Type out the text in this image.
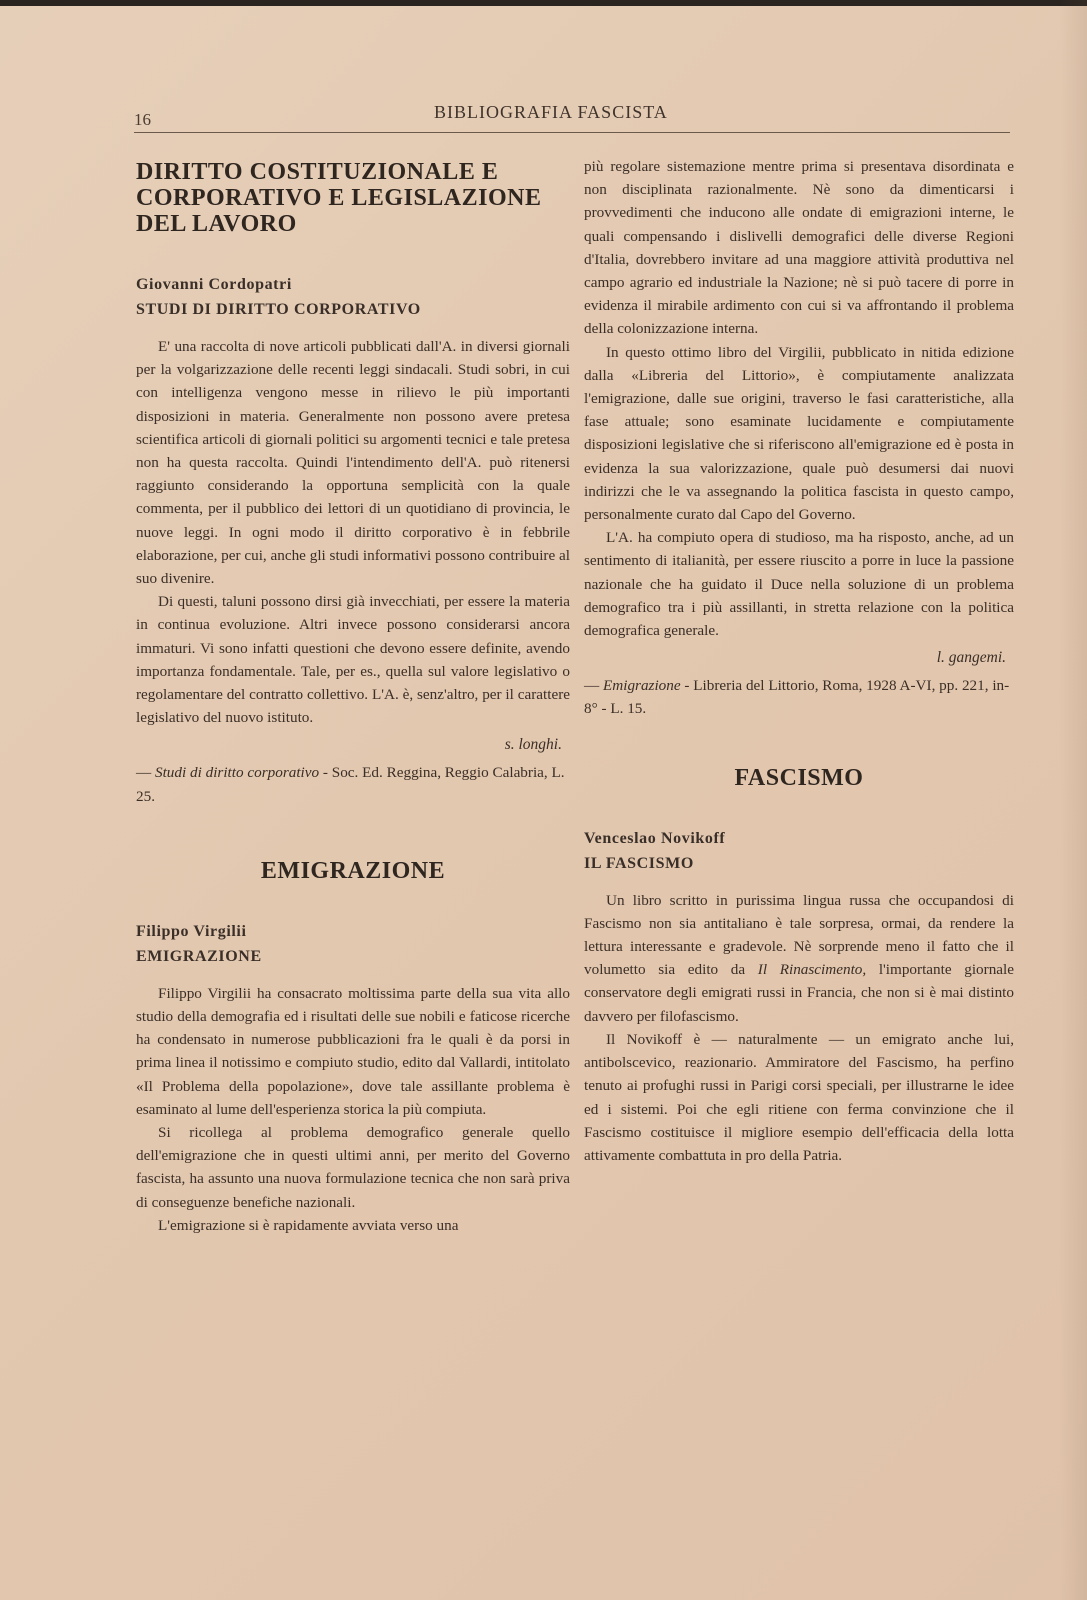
16	BIBLIOGRAFIA FASCISTA
DIRITTO COSTITUZIONALE E CORPORATIVO E LEGISLAZIONE DEL LAVORO

Giovanni Cordopatri

STUDI DI DIRITTO CORPORATIVO

E' una raccolta di nove articoli pubblicati dall'A. in diversi giornali per la volgarizzazione delle recenti leggi sindacali. Studi sobri, in cui con intelligenza vengono messe in rilievo le più importanti disposizioni in materia. Generalmente non possono avere pretesa scientifica articoli di giornali politici su argomenti tecnici e tale pretesa non ha questa raccolta. Quindi l'intendimento dell'A. può ritenersi raggiunto considerando la opportuna semplicità con la quale commenta, per il pubblico dei lettori di un quotidiano di provincia, le nuove leggi. In ogni modo il diritto corporativo è in febbrile elaborazione, per cui, anche gli studi informativi possono contribuire al suo divenire.

Di questi, taluni possono dirsi già invecchiati, per essere la materia in continua evoluzione. Altri invece possono considerarsi ancora immaturi. Vi sono infatti questioni che devono essere definite, avendo importanza fondamentale. Tale, per es., quella sul valore legislativo o regolamentare del contratto collettivo. L'A. è, senz'altro, per il carattere legislativo del nuovo istituto.

s. longhi.

— Studi di diritto corporativo - Soc. Ed. Reggina, Reggio Calabria, L. 25.

EMIGRAZIONE

Filippo Virgilii

EMIGRAZIONE

Filippo Virgilii ha consacrato moltissima parte della sua vita allo studio della demografia ed i risultati delle sue nobili e faticose ricerche ha condensato in numerose pubblicazioni fra le quali è da porsi in prima linea il notissimo e compiuto studio, edito dal Vallardi, intitolato «Il Problema della popolazione», dove tale assillante problema è esaminato al lume dell'esperienza storica la più compiuta.

Si ricollega al problema demografico generale quello dell'emigrazione che in questi ultimi anni, per merito del Governo fascista, ha assunto una nuova formulazione tecnica che non sarà priva di conseguenze benefiche nazionali.

L'emigrazione si è rapidamente avviata verso una

più regolare sistemazione mentre prima si presentava disordinata e non disciplinata razionalmente. Nè sono da dimenticarsi i provvedimenti che inducono alle ondate di emigrazioni interne, le quali compensando i dislivelli demografici delle diverse Regioni d'Italia, dovrebbero invitare ad una maggiore attività produttiva nel campo agrario ed industriale la Nazione; nè si può tacere di porre in evidenza il mirabile ardimento con cui si va affrontando il problema della colonizzazione interna.

In questo ottimo libro del Virgilii, pubblicato in nitida edizione dalla «Libreria del Littorio», è compiutamente analizzata l'emigrazione, dalle sue origini, traverso le fasi caratteristiche, alla fase attuale; sono esaminate lucidamente e compiutamente disposizioni legislative che si riferiscono all'emigrazione ed è posta in evidenza la sua valorizzazione, quale può desumersi dai nuovi indirizzi che le va assegnando la politica fascista in questo campo, personalmente curato dal Capo del Governo.

L'A. ha compiuto opera di studioso, ma ha risposto, anche, ad un sentimento di italianità, per essere riuscito a porre in luce la passione nazionale che ha guidato il Duce nella soluzione di un problema demografico tra i più assillanti, in stretta relazione con la politica demografica generale.

l. gangemi.

— Emigrazione - Libreria del Littorio, Roma, 1928 A-VI, pp. 221, in-8° - L. 15.

FASCISMO

Venceslao Novikoff

IL FASCISMO

Un libro scritto in purissima lingua russa che occupandosi di Fascismo non sia antitaliano è tale sorpresa, ormai, da rendere la lettura interessante e gradevole. Nè sorprende meno il fatto che il volumetto sia edito da Il Rinascimento, l'importante giornale conservatore degli emigrati russi in Francia, che non si è mai distinto davvero per filofascismo.

Il Novikoff è — naturalmente — un emigrato anche lui, antibolscevico, reazionario. Ammiratore del Fascismo, ha perfino tenuto ai profughi russi in Parigi corsi speciali, per illustrarne le idee ed i sistemi. Poi che egli ritiene con ferma convinzione che il Fascismo costituisce il migliore esempio dell'efficacia della lotta attivamente combattuta in pro della Patria.
